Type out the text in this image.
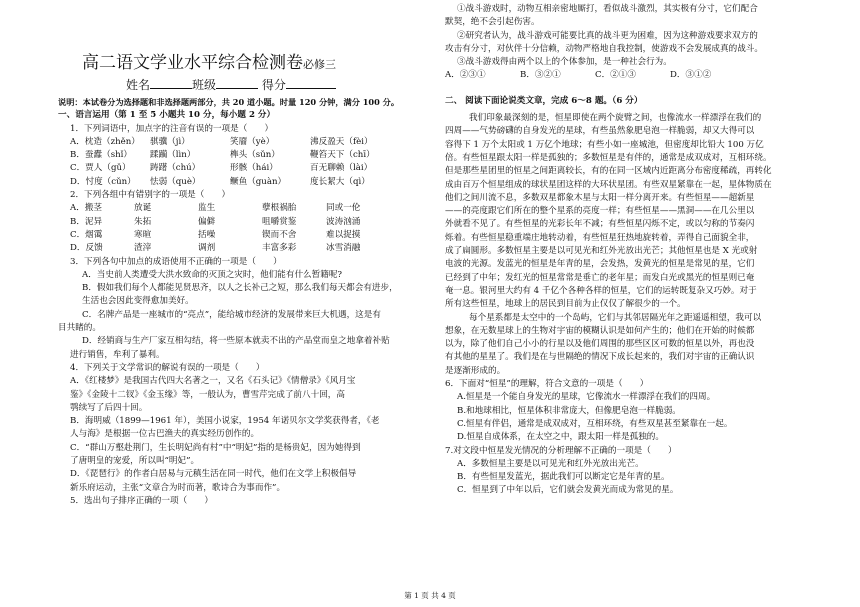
高二语文学业水平综合检测卷必修三
姓名	班级	得分
说明：本试卷分为选择题和非选择题两部分，共 20 道小题。时量 120 分钟，满分 100 分。
一、语言运用（第 1 至 5 小题共 10 分，每小题 2 分）
1．下列词语中，加点字的注音有误的一项是（　　）
A．枕造（zhěn）	骐骥（jì）	笑靥（yè）	沸反盈天（fèi）
B．蚕蠹（shǐ）	蹂躏（lìn）	榫头（sǔn）	鞭笞天下（chī）
C．贾人（gǔ）	踌躇（chú）	形骸（hái）	百无聊赖（lài）
D．忖度（cǔn）	怯弱（què）	鳜鱼（guàn）	度长絜大（qì）
2．下列各组中有错别字的一项是（　　）
A．搬茎	放诞	监生	孽根祸胎	同或一伦
B．泥异	朱拓	偏僻	咀嚼赏鉴	波涛汹涌
C．烟霭	寒暄	括噪	锲而不舍	难以捉摸
D．反馈	渣滓	调剂	丰富多彩	冰雪消融
3．下列各句中加点的成语使用不正确的一项是（　　）
A．当史前人类遭受大洪水致命的灭顶之灾时，他们能有什么暂籍呢?
B．假如我们每个人都能见贤思齐，以人之长补己之短，那么我们每天都会有进步，
生活也会因此变得愈加美好。
C．名牌产品是一座城市的“亮点”，能给城市经济的发展带来巨大机遇，这是有
目共睹的。
D．经销商与生产厂家互相勾结，将一些原本就卖不出的产品堂而皇之地拿着补贴
进行销售，牟利了暴利。
4．下列关于文学常识的解说有误的一项是（　　）
A．《红楼梦》是我国古代四大名著之一，又名《石头记》《情僧录》《风月宝
鉴》《金陵十二钗》《金玉缘》等，一般认为，曹雪芹完成了前八十回，高
鹗续写了后四十回。
B．海明威（1899—1961 年），美国小说家，1954 年诺贝尔文学奖获得者，《老
人与海》是根据一位古巴渔夫的真实经历创作的。
C．“群山万壑赴荆门，生长明妃尚有村”中“明妃”指的是杨贵妃，因为她得到
了唐明皇的宠爱，所以叫“明妃”。
D．《琵琶行》的作者白居易与元稹生活在同一时代，他们在文学上积极倡导
新乐府运动，主张“文章合为时而著，歌诗合为事而作”。
5．选出句子排序正确的一项（　　）
①战斗游戏时，动物互相亲密地厮打，看似战斗激烈，其实极有分寸，它们配合
默契，绝不会引起伤害。
②研究者认为，战斗游戏可能要比真的战斗更为困难，因为这种游戏要求双方的
攻击有分寸，对伙伴十分信赖，动物严格地自我控制，使游戏不会发展成真的战斗。
③战斗游戏得由两个以上的个体参加，是一种社会行为。
A．②③①	B．③②①	C．②①③	D．③①②
二、 阅读下面论说类文章，完成 6～8 题。（6 分）
我们印象最深刻的是，恒星即使在两个旋臂之间，也像流水一样漂浮在我们的
四周——气势磅礴的自身发光的星球，有些虽然象肥皂泡一样脆弱，却又大得可以
容得下 1 万个太阳或 1 万亿个地球；有些小如一座城池，但密度却比铅大 100 万亿
倍。有些恒星跟太阳一样是孤独的；多数恒星是有伴的，通常是成双成对，互相环绕。
但是那些星团里的恒星之间距离较长，有的在同一区域内近距离分布密度稀疏，再转化
成由百万个恒星组成的球状星团这样的大环状星团。有些双星紧靠在一起，星体物质在
他们之间川流不息，多数双星都象木星与太阳一样分离开来。有些恒星——超新星
——的亮度跟它们所在的整个星系的亮度一样；有些恒星——黑洞——在几公里以
外就看不见了。有些恒星的光彩长年不减；有些恒星闪烁不定，或以匀称的节奏闪
烁着。有些恒星稳重端庄地转动着，有些恒星狂热地旋转着，弄得自己面貌全非，
成了扁圆形。多数恒星主要是以可见光和红外光放出光芒；其他恒星也是 X 光或射
电波的光源。发蓝光的恒星是年青的星，会发热，发黄光的恒星是常见的星，它们
已经到了中年；发红光的恒星常常是垂亡的老年星；而发白光或黑光的恒星则已奄
奄一息。银河里大约有 4 千亿个各种各样的恒星，它们的运转既复杂又巧妙。对于
所有这些恒星，地球上的居民到目前为止仅仅了解很少的一个。
每个星系都是太空中的一个岛屿，它们与其邻居隔光年之距遥遥相望，我可以
想象，在无数星球上的生物对宇宙的模糊认识是如何产生的；他们在开始的时候都
以为，除了他们自己小小的行星以及他们周围的那些区区可数的恒星以外，再也没
有其他的星星了。我们是在与世隔绝的情况下成长起来的，我们对宇宙的正确认识
是逐渐形成的。
6．下面对“恒星”的理解，符合文意的一项是（　　）
A.恒星是一个能自身发光的星球，它像流水一样漂浮在我们的四周。
B.和地球相比，恒星体积非常庞大，但像肥皂泡一样脆弱。
C.恒星有伴侣，通常是成双成对，互相环绕，有些双星甚至紧靠在一起。
D.恒星自成体系，在太空之中，跟太阳一样是孤独的。
7.对文段中恒星发光情况的分析理解不正确的一项是（　　）
A．多数恒星主要是以可见光和红外光放出光芒。
B．有些恒星发蓝光，据此我们可以断定它是年青的星。
C．恒星到了中年以后，它们就会发黄光而成为常见的星。
第 1 页 共 4 页
